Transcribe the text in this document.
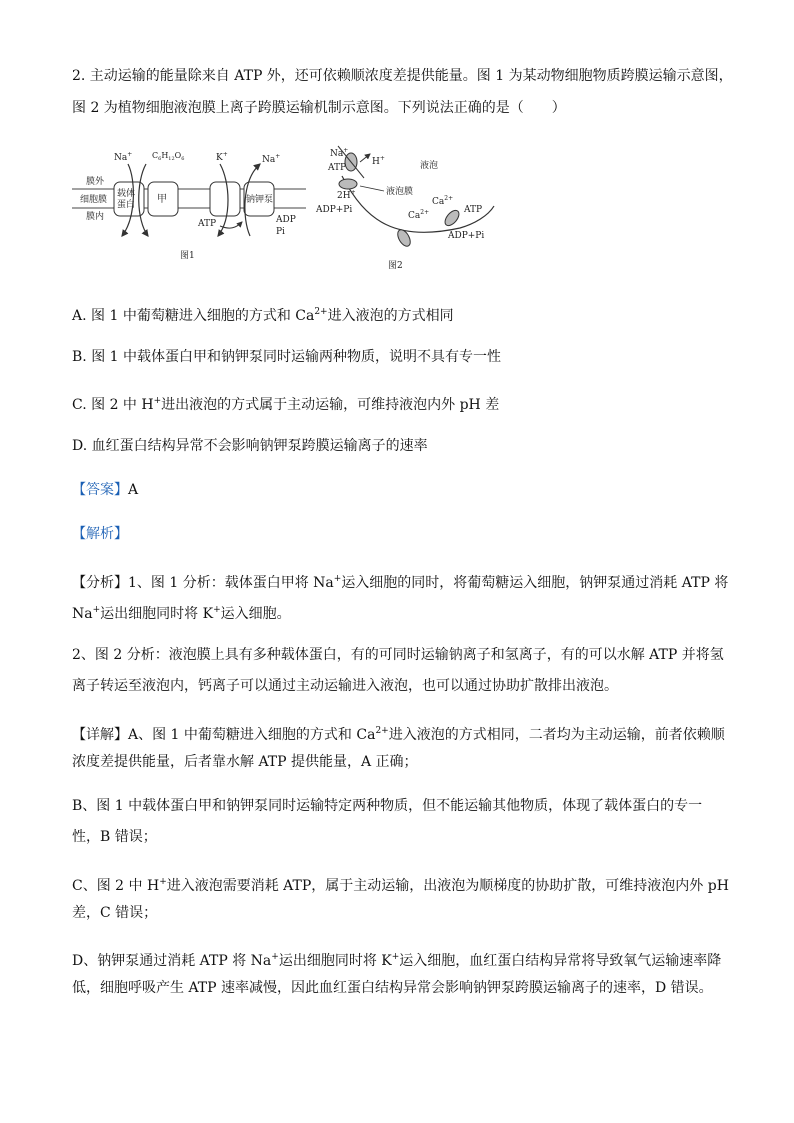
2. 主动运输的能量除来自 ATP 外，还可依赖顺浓度差提供能量。图 1 为某动物细胞物质跨膜运输示意图，
图 2 为植物细胞液泡膜上离子跨膜运输机制示意图。下列说法正确的是（　　）
膜外
细胞膜
膜内
载体
蛋白 甲	钠钾泵
Na+ $C_6H_{12}O_6$	K+
Na+
ATP	ADP
Pi
图1
Na+
H+
ATP
2H+
ADP+Pi
液泡
液泡膜
$Ca^{2+}$
$Ca^{2+}$
ATP
ADP+Pi
图2
A. 图 1 中葡萄糖进入细胞的方式和 $Ca^{2+}$进入液泡的方式相同
B. 图 1 中载体蛋白甲和钠钾泵同时运输两种物质，说明不具有专一性
C. 图 2 中 H+进出液泡的方式属于主动运输，可维持液泡内外 pH 差
D. 血红蛋白结构异常不会影响钠钾泵跨膜运输离子的速率
【答案】A
【解析】
【分析】1、图 1 分析：载体蛋白甲将 Na+运入细胞的同时，将葡萄糖运入细胞，钠钾泵通过消耗 ATP 将
Na+运出细胞同时将 K+运入细胞。
2、图 2 分析：液泡膜上具有多种载体蛋白，有的可同时运输钠离子和氢离子，有的可以水解 ATP 并将氢
离子转运至液泡内，钙离子可以通过主动运输进入液泡，也可以通过协助扩散排出液泡。
【详解】A、图 1 中葡萄糖进入细胞的方式和 $Ca^{2+}$进入液泡的方式相同，二者均为主动运输，前者依赖顺
浓度差提供能量，后者靠水解 ATP 提供能量，A 正确；
B、图 1 中载体蛋白甲和钠钾泵同时运输特定两种物质，但不能运输其他物质，体现了载体蛋白的专一
性，B 错误；
C、图 2 中 H+进入液泡需要消耗 ATP，属于主动运输，出液泡为顺梯度的协助扩散，可维持液泡内外 pH
差，C 错误；
D、钠钾泵通过消耗 ATP 将 Na+运出细胞同时将 K+运入细胞，血红蛋白结构异常将导致氧气运输速率降
低，细胞呼吸产生 ATP 速率减慢，因此血红蛋白结构异常会影响钠钾泵跨膜运输离子的速率，D 错误。
